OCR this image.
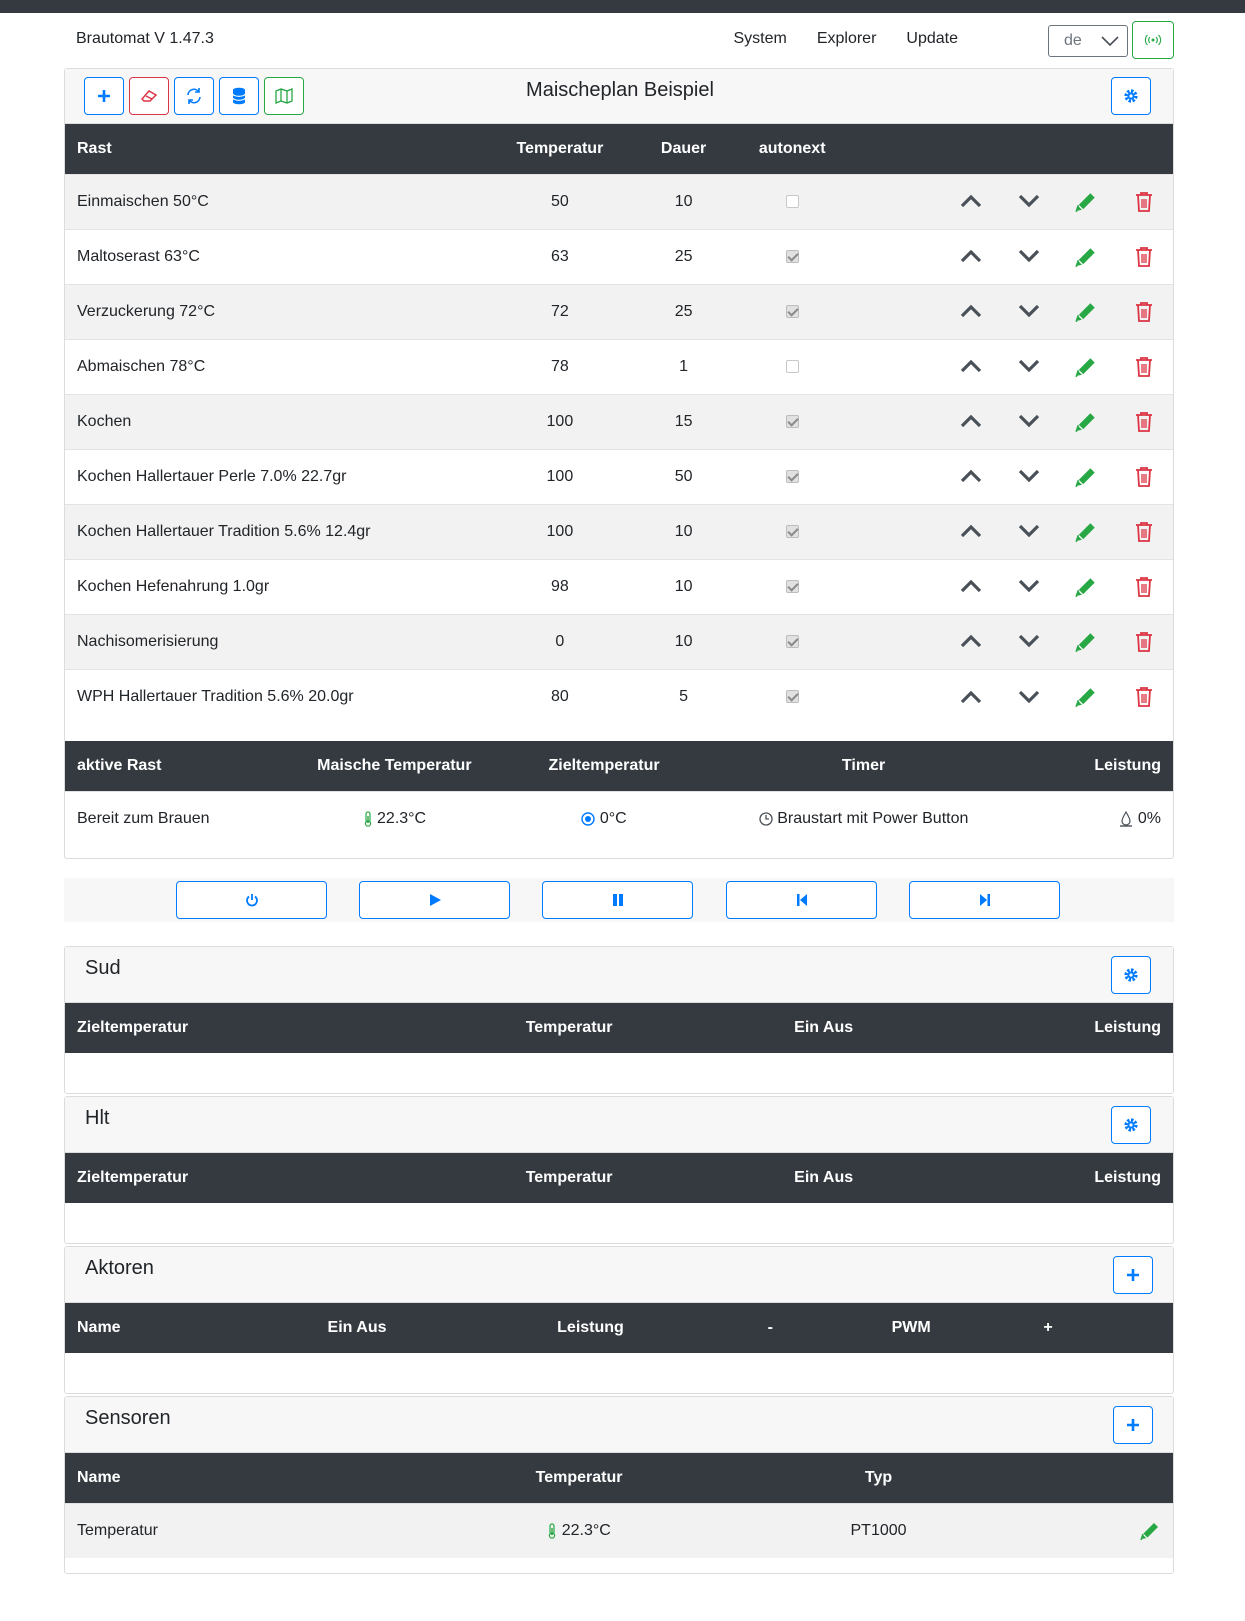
Brautomat V 1.47.3	System Explorer Update	de
Maischeplan Beispiel
Rast	Temperatur	Dauer	autonext					
Einmaischen 50°C	50	10						
Maltoserast 63°C	63	25						
Verzuckerung 72°C	72	25						
Abmaischen 78°C	78	1						
Kochen	100	15						
Kochen Hallertauer Perle 7.0% 22.7gr	100	50						
Kochen Hallertauer Tradition 5.6% 12.4gr	100	10						
Kochen Hefenahrung 1.0gr	98	10						
Nachisomerisierung	0	10						
WPH Hallertauer Tradition 5.6% 20.0gr	80	5						
aktive Rast	Maische Temperatur	Zieltemperatur	Timer	Leistung
Bereit zum Brauen	22.3°C	0°C	Braustart mit Power Button	0%
Sud
Zieltemperatur	Temperatur	Ein Aus	Leistung
Hlt
Zieltemperatur	Temperatur	Ein Aus	Leistung
Aktoren
Name	Ein Aus	Leistung	-	PWM	+
Sensoren
Name	Temperatur	Typ	
Temperatur	22.3°C	PT1000	
